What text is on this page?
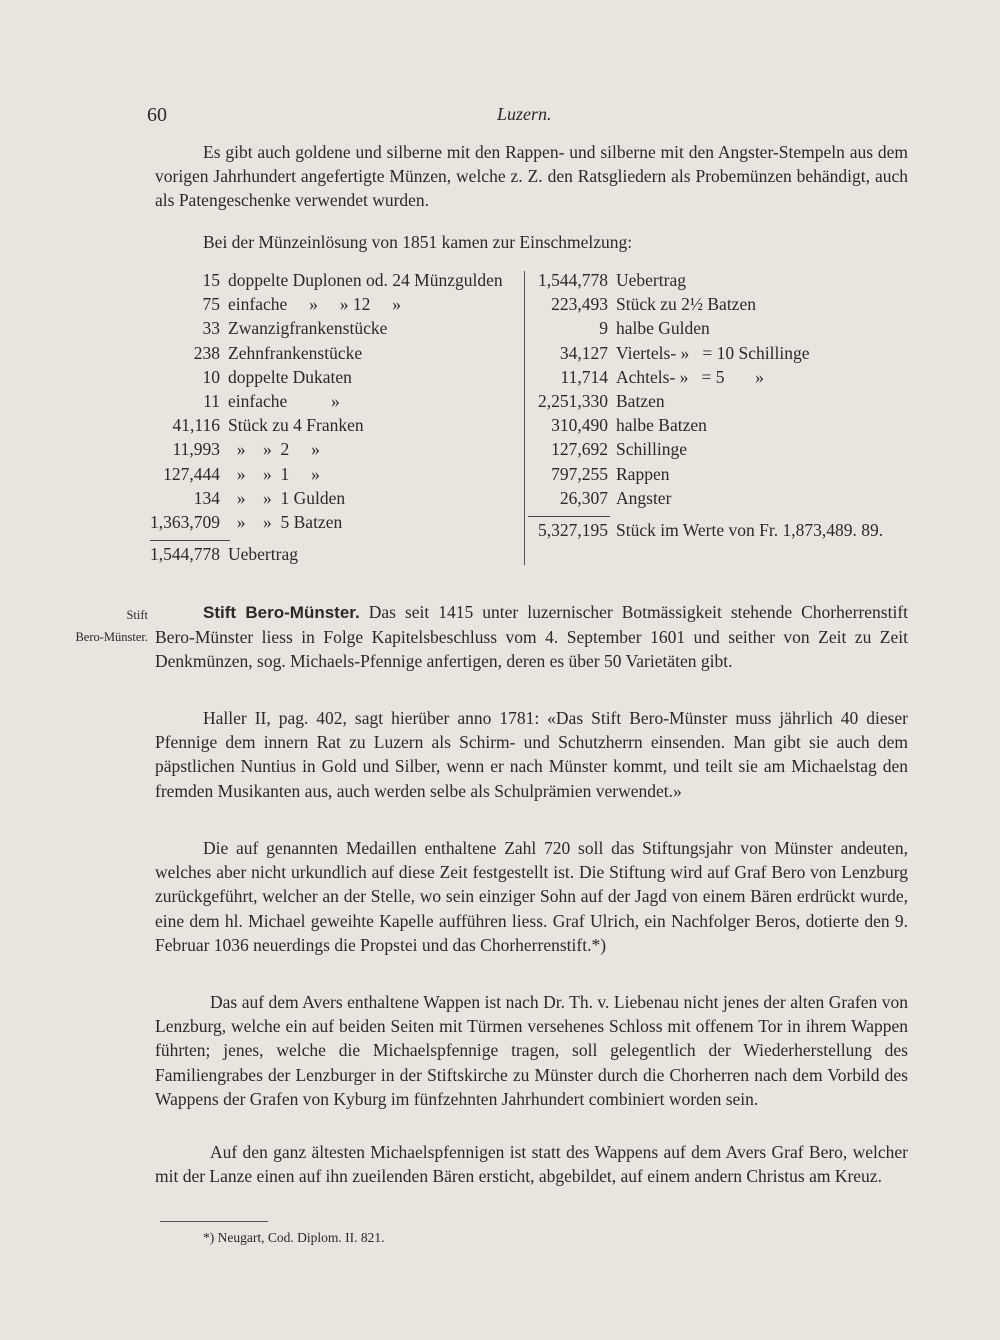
60	Luzern.

Es gibt auch goldene und silberne mit den Rappen- und silberne mit den Angster-Stempeln aus dem vorigen Jahrhundert angefertigte Münzen, welche z. Z. den Ratsgliedern als Probemünzen behändigt, auch als Patengeschenke verwendet wurden.

Bei der Münzeinlösung von 1851 kamen zur Einschmelzung:

15 doppelte Duplonen od. 24 Münzgulden
75 einfache     »     » 12     »
33 Zwanzigfrankenstücke
238 Zehnfrankenstücke
10 doppelte Dukaten
11 einfache          »
41,116 Stück zu 4 Franken
11,993 »    »  2     »
127,444 »    »  1     »
134 »    »  1 Gulden
1,363,709 »    »  5 Batzen
1,544,778 Uebertrag
1,544,778 Uebertrag
223,493 Stück zu 2½ Batzen
9 halbe Gulden
34,127 Viertels- »   = 10 Schillinge
11,714 Achtels- »   = 5       »
2,251,330 Batzen
310,490 halbe Batzen
127,692 Schillinge
797,255 Rappen
26,307 Angster
5,327,195 Stück im Werte von Fr. 1,873,489. 89.
Stift
Bero-Münster.

Stift Bero-Münster. Das seit 1415 unter luzernischer Botmässigkeit stehende Chorherrenstift Bero-Münster liess in Folge Kapitelsbeschluss vom 4. September 1601 und seither von Zeit zu Zeit Denkmünzen, sog. Michaels-Pfennige anfertigen, deren es über 50 Varietäten gibt.

Haller II, pag. 402, sagt hierüber anno 1781: «Das Stift Bero-Münster muss jährlich 40 dieser Pfennige dem innern Rat zu Luzern als Schirm- und Schutzherrn einsenden. Man gibt sie auch dem päpstlichen Nuntius in Gold und Silber, wenn er nach Münster kommt, und teilt sie am Michaelstag den fremden Musikanten aus, auch werden selbe als Schulprämien verwendet.»

Die auf genannten Medaillen enthaltene Zahl 720 soll das Stiftungsjahr von Münster andeuten, welches aber nicht urkundlich auf diese Zeit festgestellt ist. Die Stiftung wird auf Graf Bero von Lenzburg zurückgeführt, welcher an der Stelle, wo sein einziger Sohn auf der Jagd von einem Bären erdrückt wurde, eine dem hl. Michael geweihte Kapelle aufführen liess. Graf Ulrich, ein Nachfolger Beros, dotierte den 9. Februar 1036 neuerdings die Propstei und das Chorherrenstift.*)

Das auf dem Avers enthaltene Wappen ist nach Dr. Th. v. Liebenau nicht jenes der alten Grafen von Lenzburg, welche ein auf beiden Seiten mit Türmen versehenes Schloss mit offenem Tor in ihrem Wappen führten; jenes, welche die Michaelspfennige tragen, soll gelegentlich der Wiederherstellung des Familiengrabes der Lenzburger in der Stiftskirche zu Münster durch die Chorherren nach dem Vorbild des Wappens der Grafen von Kyburg im fünfzehnten Jahrhundert combiniert worden sein.

Auf den ganz ältesten Michaelspfennigen ist statt des Wappens auf dem Avers Graf Bero, welcher mit der Lanze einen auf ihn zueilenden Bären ersticht, abgebildet, auf einem andern Christus am Kreuz.

*) Neugart, Cod. Diplom. II. 821.
